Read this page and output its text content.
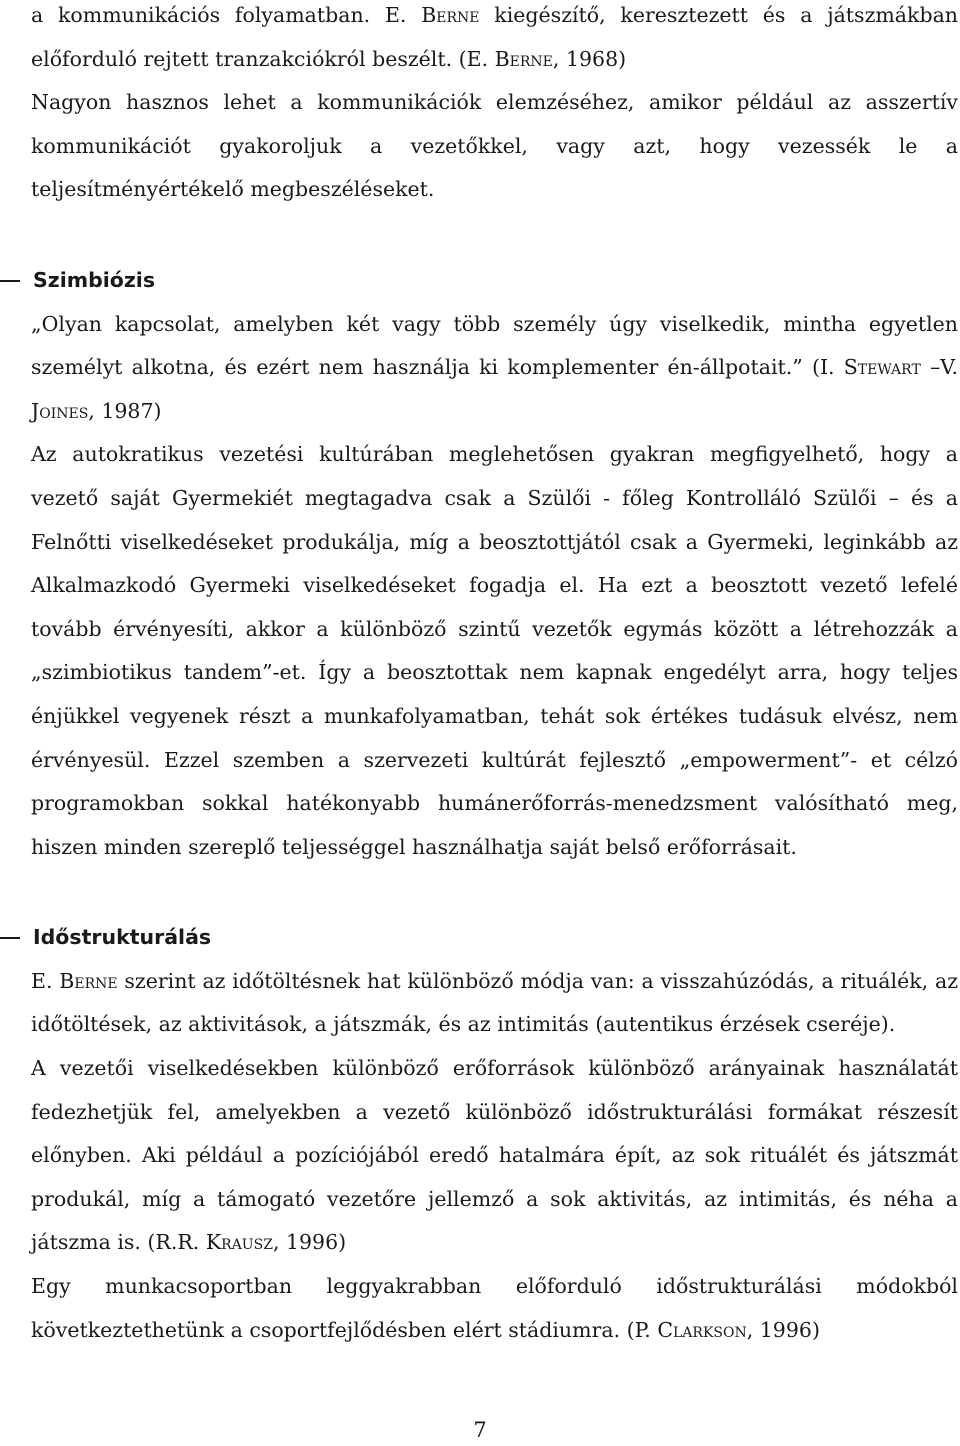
a kommunikációs folyamatban. E. Berne kiegészítő, keresztezett és a játszmákban előforduló rejtett tranzakciókról beszélt. (E. Berne, 1968)

Nagyon hasznos lehet a kommunikációk elemzéséhez, amikor például az asszertív kommunikációt gyakoroljuk a vezetőkkel, vagy azt, hogy vezessék le a teljesítményértékelő megbeszéléseket.

Szimbiózis

„Olyan kapcsolat, amelyben két vagy több személy úgy viselkedik, mintha egyetlen személyt alkotna, és ezért nem használja ki komplementer én-állpotait.” (I. Stewart –V. Joines, 1987)

Az autokratikus vezetési kultúrában meglehetősen gyakran megfigyelhető, hogy a vezető saját Gyermekiét megtagadva csak a Szülői - főleg Kontrolláló Szülői – és a Felnőtti viselkedéseket produkálja, míg a beosztottjától csak a Gyermeki, leginkább az Alkalmazkodó Gyermeki viselkedéseket fogadja el. Ha ezt a beosztott vezető lefelé tovább érvényesíti, akkor a különböző szintű vezetők egymás között a létrehozzák a „szimbiotikus tandem”-et. Így a beosztottak nem kapnak engedélyt arra, hogy teljes énjükkel vegyenek részt a munkafolyamatban, tehát sok értékes tudásuk elvész, nem érvényesül. Ezzel szemben a szervezeti kultúrát fejlesztő „empowerment”- et célzó programokban sokkal hatékonyabb humánerőforrás-menedzsment valósítható meg, hiszen minden szereplő teljességgel használhatja saját belső erőforrásait.

Időstrukturálás

E. Berne szerint az időtöltésnek hat különböző módja van: a visszahúzódás, a rituálék, az időtöltések, az aktivitások, a játszmák, és az intimitás (autentikus érzések cseréje).

A vezetői viselkedésekben különböző erőforrások különböző arányainak használatát fedezhetjük fel, amelyekben a vezető különböző időstrukturálási formákat részesít előnyben. Aki például a pozíciójából eredő hatalmára épít, az sok rituálét és játszmát produkál, míg a támogató vezetőre jellemző a sok aktivitás, az intimitás, és néha a játszma is. (R.R. Krausz, 1996)

Egy munkacsoportban leggyakrabban előforduló időstrukturálási módokból következtethetünk a csoportfejlődésben elért stádiumra. (P. Clarkson, 1996)

7
